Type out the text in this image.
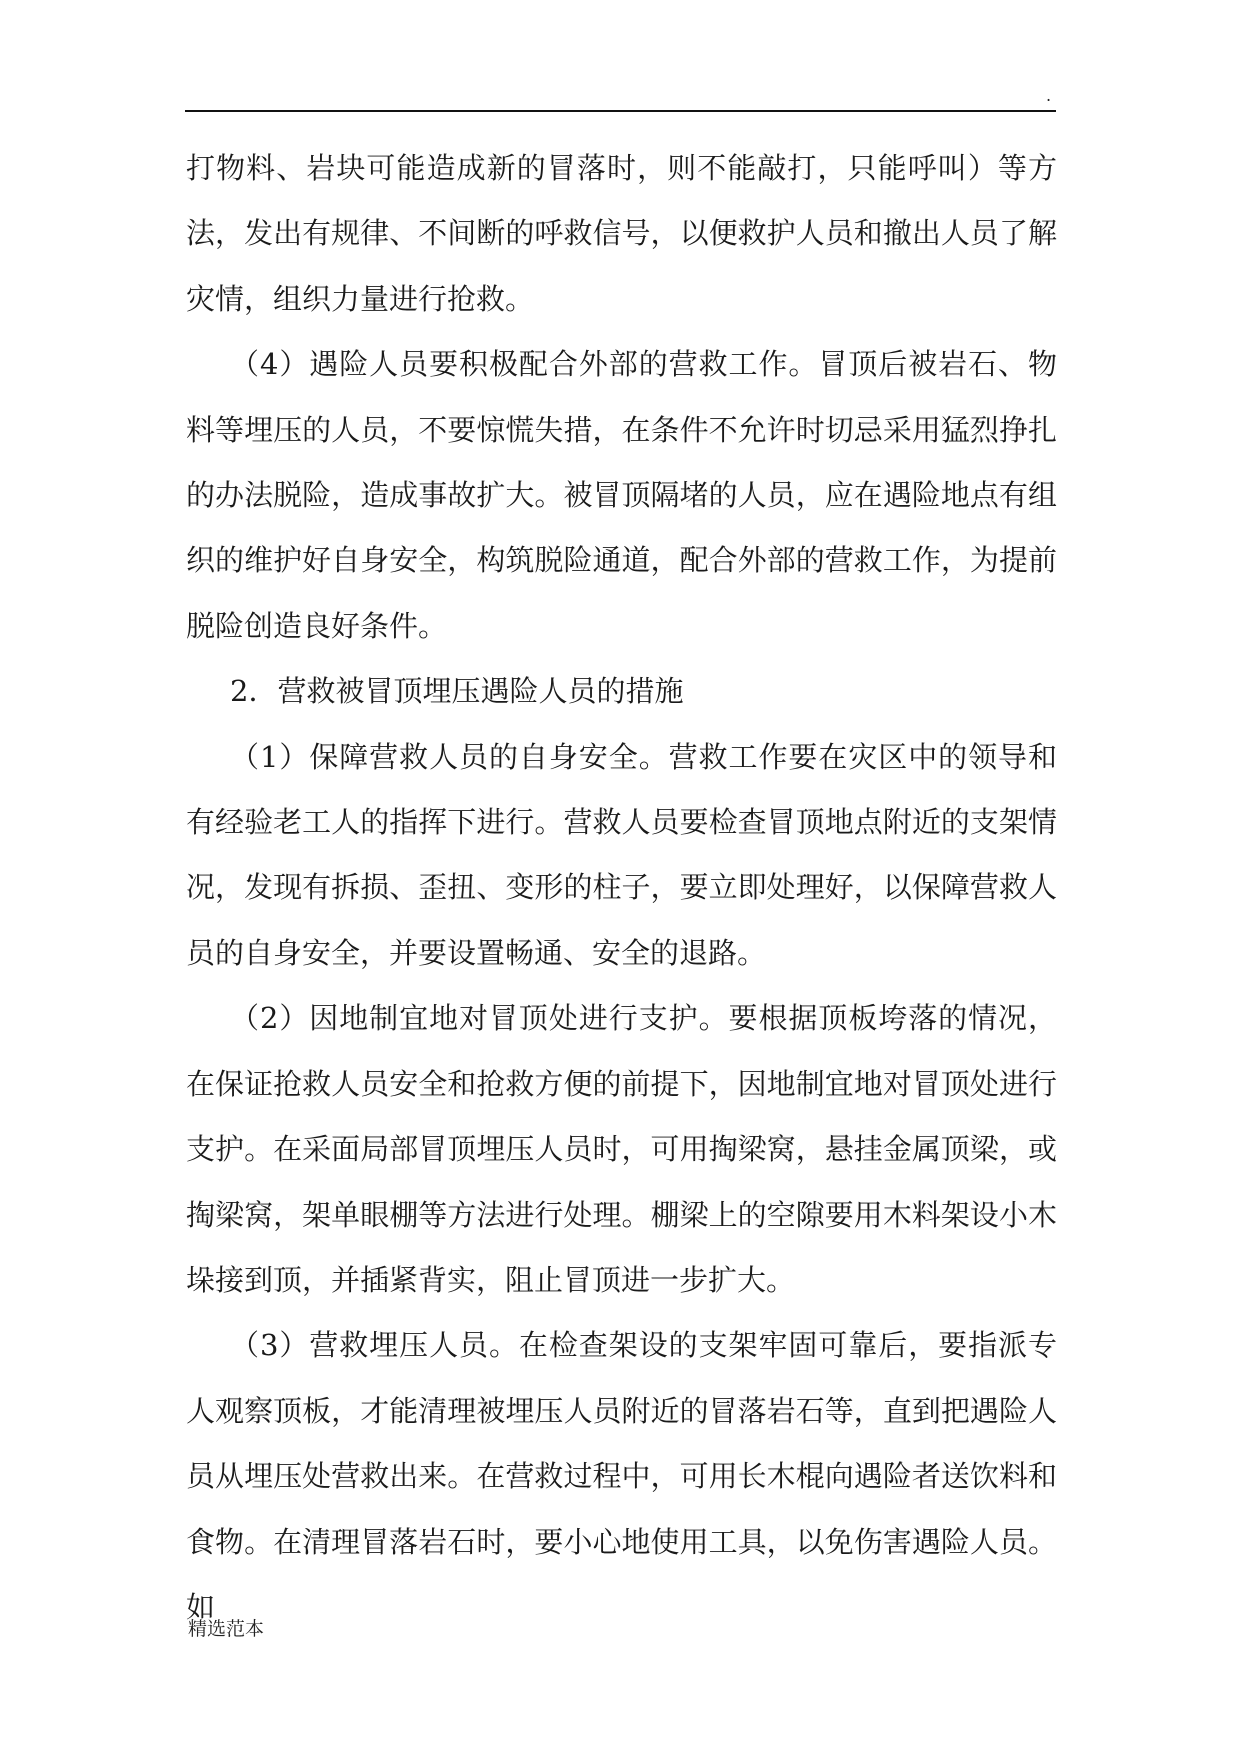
.

打物料、岩块可能造成新的冒落时，则不能敲打，只能呼叫）等方法，发出有规律、不间断的呼救信号，以便救护人员和撤出人员了解灾情，组织力量进行抢救。

（4）遇险人员要积极配合外部的营救工作。冒顶后被岩石、物料等埋压的人员，不要惊慌失措，在条件不允许时切忌采用猛烈挣扎的办法脱险，造成事故扩大。被冒顶隔堵的人员，应在遇险地点有组织的维护好自身安全，构筑脱险通道，配合外部的营救工作，为提前脱险创造良好条件。

2．营救被冒顶埋压遇险人员的措施

（1）保障营救人员的自身安全。营救工作要在灾区中的领导和有经验老工人的指挥下进行。营救人员要检查冒顶地点附近的支架情况，发现有拆损、歪扭、变形的柱子，要立即处理好，以保障营救人员的自身安全，并要设置畅通、安全的退路。

（2）因地制宜地对冒顶处进行支护。要根据顶板垮落的情况，在保证抢救人员安全和抢救方便的前提下，因地制宜地对冒顶处进行支护。在采面局部冒顶埋压人员时，可用掏梁窝，悬挂金属顶梁，或掏梁窝，架单眼棚等方法进行处理。棚梁上的空隙要用木料架设小木垛接到顶，并插紧背实，阻止冒顶进一步扩大。

（3）营救埋压人员。在检查架设的支架牢固可靠后，要指派专人观察顶板，才能清理被埋压人员附近的冒落岩石等，直到把遇险人员从埋压处营救出来。在营救过程中，可用长木棍向遇险者送饮料和食物。在清理冒落岩石时，要小心地使用工具，以免伤害遇险人员。如

精选范本
